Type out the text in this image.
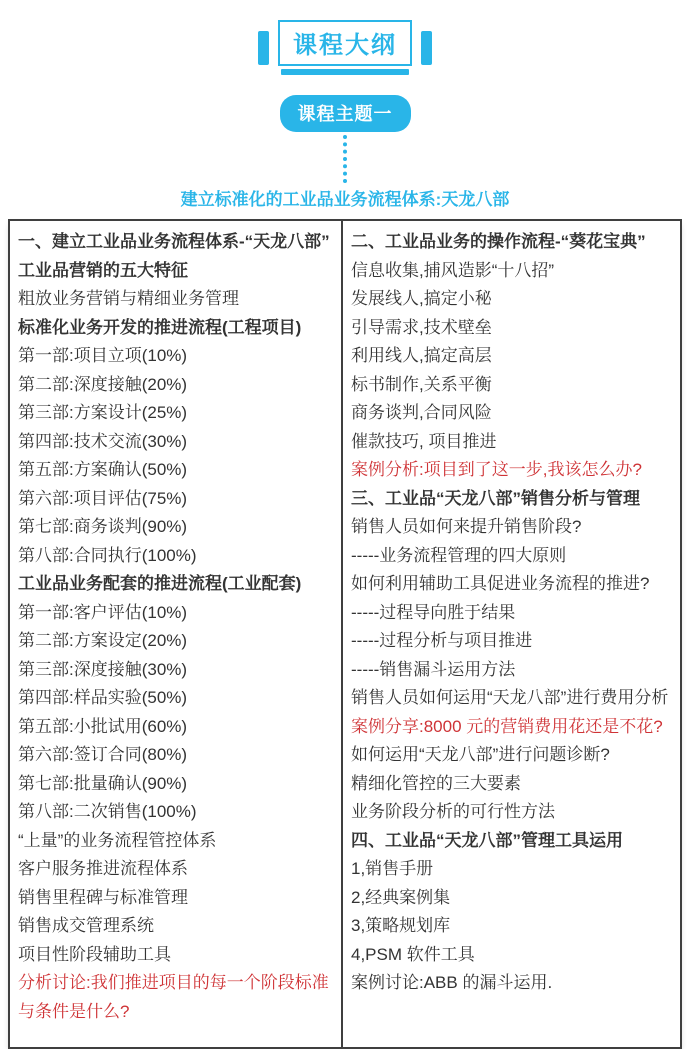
课程大纲
课程主题一
建立标准化的工业品业务流程体系:天龙八部
一、建立工业品业务流程体系-“天龙八部”
工业品营销的五大特征
粗放业务营销与精细业务管理
标准化业务开发的推进流程(工程项目)
第一部:项目立项(10%)
第二部:深度接触(20%)
第三部:方案设计(25%)
第四部:技术交流(30%)
第五部:方案确认(50%)
第六部:项目评估(75%)
第七部:商务谈判(90%)
第八部:合同执行(100%)
工业品业务配套的推进流程(工业配套)
第一部:客户评估(10%)
第二部:方案设定(20%)
第三部:深度接触(30%)
第四部:样品实验(50%)
第五部:小批试用(60%)
第六部:签订合同(80%)
第七部:批量确认(90%)
第八部:二次销售(100%)
“上量”的业务流程管控体系
客户服务推进流程体系
销售里程碑与标准管理
销售成交管理系统
项目性阶段辅助工具
分析讨论:我们推进项目的每一个阶段标准与条件是什么?
二、工业品业务的操作流程-“葵花宝典”
信息收集,捕风造影“十八招”
发展线人,搞定小秘
引导需求,技术壁垒
利用线人,搞定高层
标书制作,关系平衡
商务谈判,合同风险
催款技巧, 项目推进
案例分析:项目到了这一步,我该怎么办?
三、工业品“天龙八部”销售分析与管理
销售人员如何来提升销售阶段?
-----业务流程管理的四大原则
如何利用辅助工具促进业务流程的推进?
-----过程导向胜于结果
-----过程分析与项目推进
-----销售漏斗运用方法
销售人员如何运用“天龙八部”进行费用分析
案例分享:8000 元的营销费用花还是不花?
如何运用“天龙八部”进行问题诊断?
精细化管控的三大要素
业务阶段分析的可行性方法
四、工业品“天龙八部”管理工具运用
1,销售手册
2,经典案例集
3,策略规划库
4,PSM 软件工具
案例讨论:ABB 的漏斗运用.
